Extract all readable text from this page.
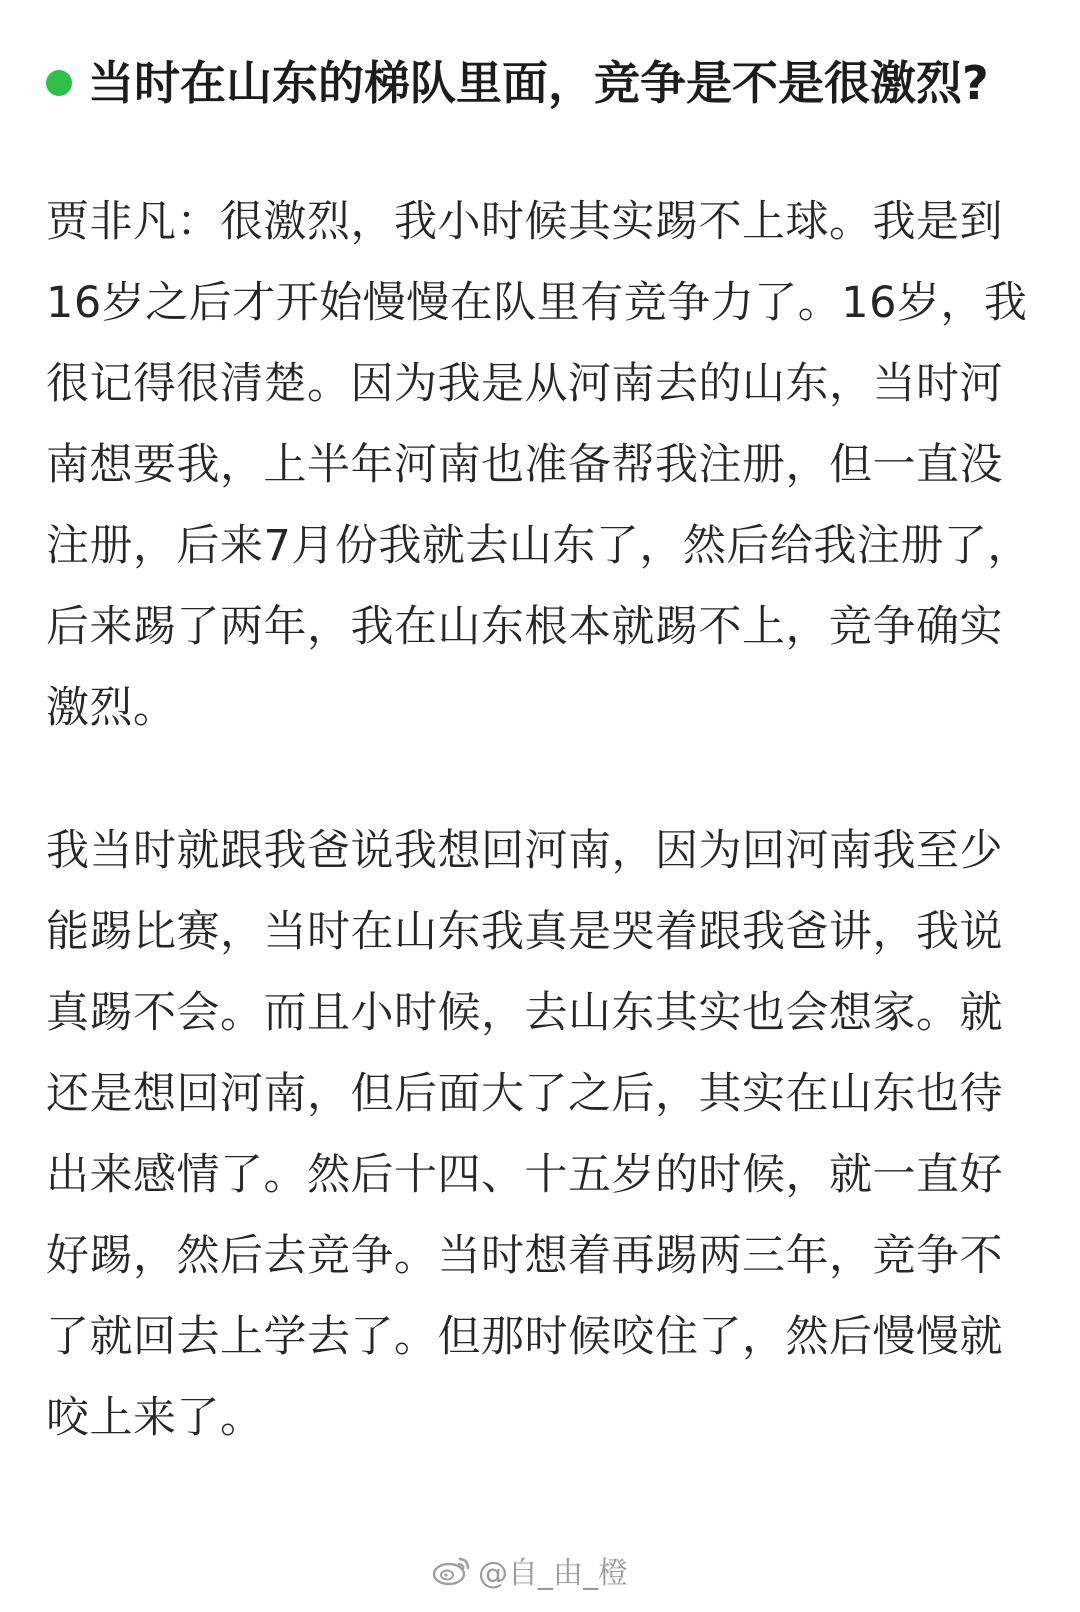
当时在山东的梯队里面，竞争是不是很激烈?

贾非凡：很激烈，我小时候其实踢不上球。我是到16岁之后才开始慢慢在队里有竞争力了。16岁，我很记得很清楚。因为我是从河南去的山东，当时河南想要我，上半年河南也准备帮我注册，但一直没注册，后来7月份我就去山东了，然后给我注册了，后来踢了两年，我在山东根本就踢不上，竞争确实激烈。

我当时就跟我爸说我想回河南，因为回河南我至少能踢比赛，当时在山东我真是哭着跟我爸讲，我说真踢不会。而且小时候，去山东其实也会想家。就还是想回河南，但后面大了之后，其实在山东也待出来感情了。然后十四、十五岁的时候，就一直好好踢，然后去竞争。当时想着再踢两三年，竞争不了就回去上学去了。但那时候咬住了，然后慢慢就咬上来了。

@自_由_橙
